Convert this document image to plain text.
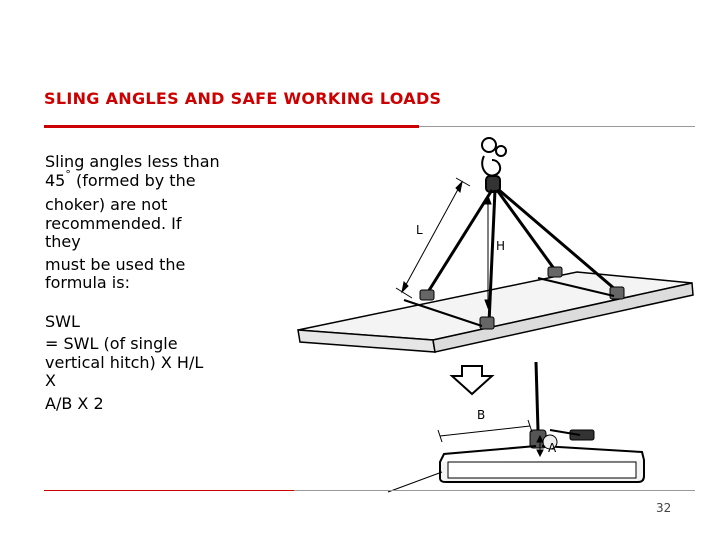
SLING ANGLES AND SAFE WORKING LOADS
Sling angles less than
45° (formed by the
choker) are not
recommended. If
they
must be used the
formula is:
SWL
= SWL (of single
vertical hitch) X H/L
X
A/B X 2
L
H
B
A
32
